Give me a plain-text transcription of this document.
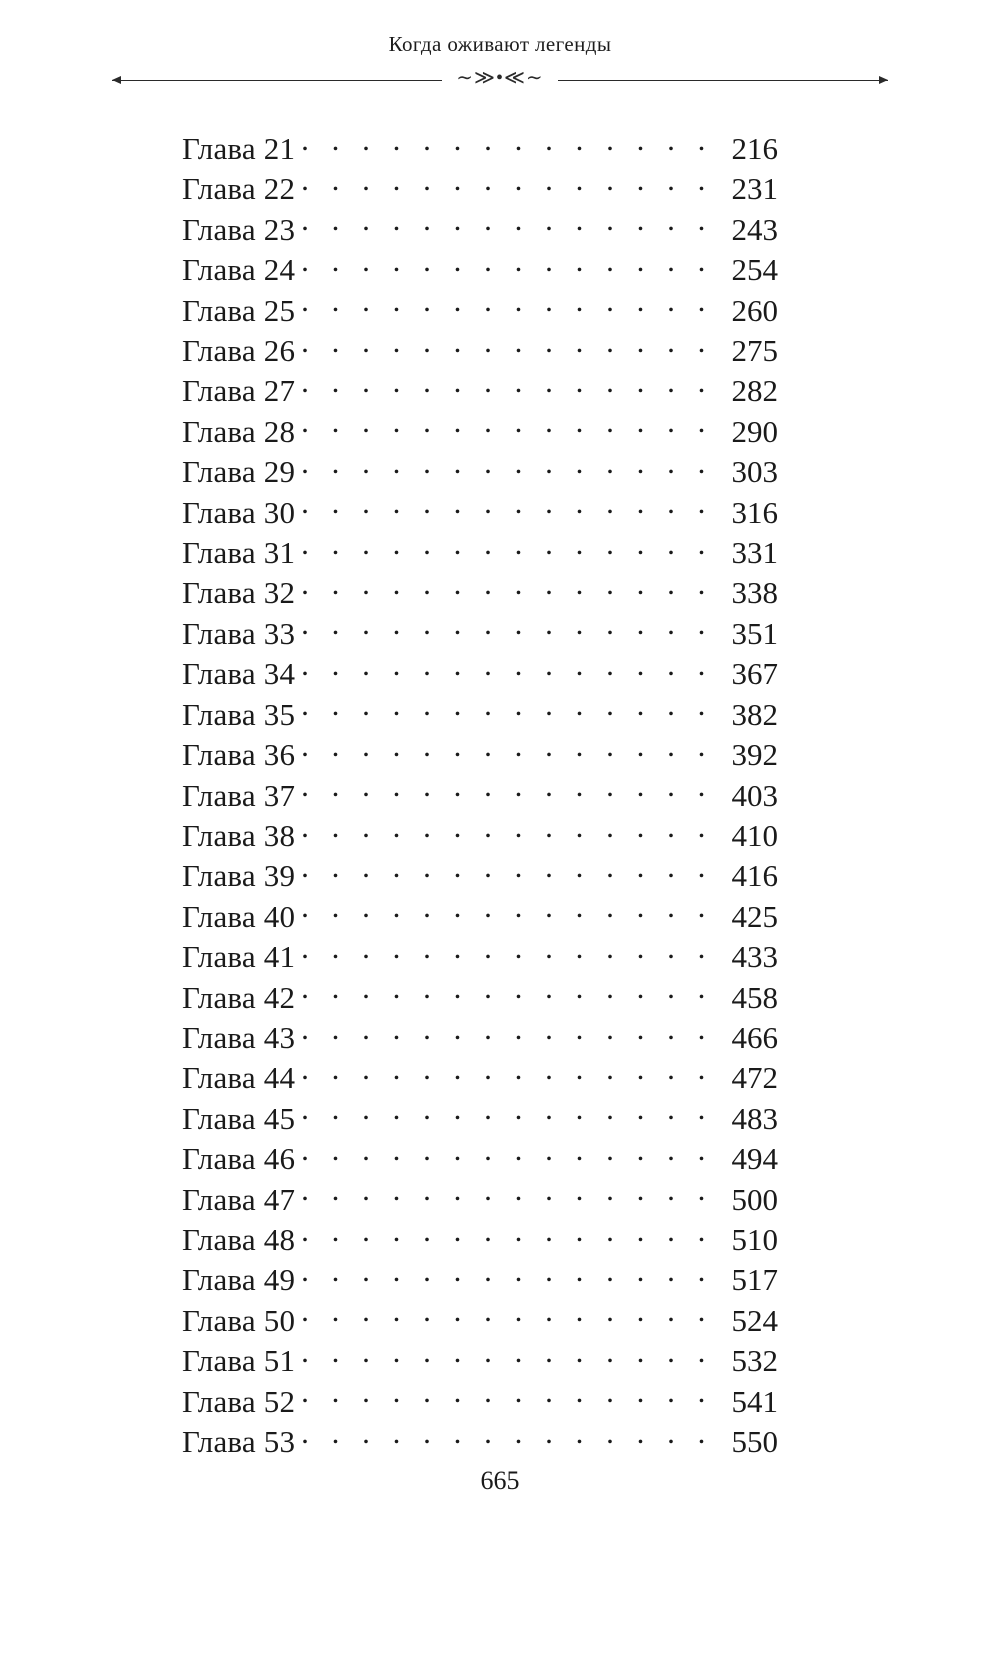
Когда оживают легенды
∼≫•≪∼
Глава 21 . . .	216
Глава 22 . . .	231
Глава 23 . . .	243
Глава 24 . . .	254
Глава 25 . . .	260
Глава 26 . . .	275
Глава 27 . . .	282
Глава 28 . . .	290
Глава 29 . . .	303
Глава 30 . . .	316
Глава 31 . . .	331
Глава 32 . . .	338
Глава 33 . . .	351
Глава 34 . . .	367
Глава 35 . . .	382
Глава 36 . . .	392
Глава 37 . . .	403
Глава 38 . . .	410
Глава 39 . . .	416
Глава 40 . . .	425
Глава 41 . . .	433
Глава 42 . . .	458
Глава 43 . . .	466
Глава 44 . . .	472
Глава 45 . . .	483
Глава 46 . . .	494
Глава 47 . . .	500
Глава 48 . . .	510
Глава 49 . . .	517
Глава 50 . . .	524
Глава 51 . . .	532
Глава 52 . . .	541
Глава 53 . . .	550
665
